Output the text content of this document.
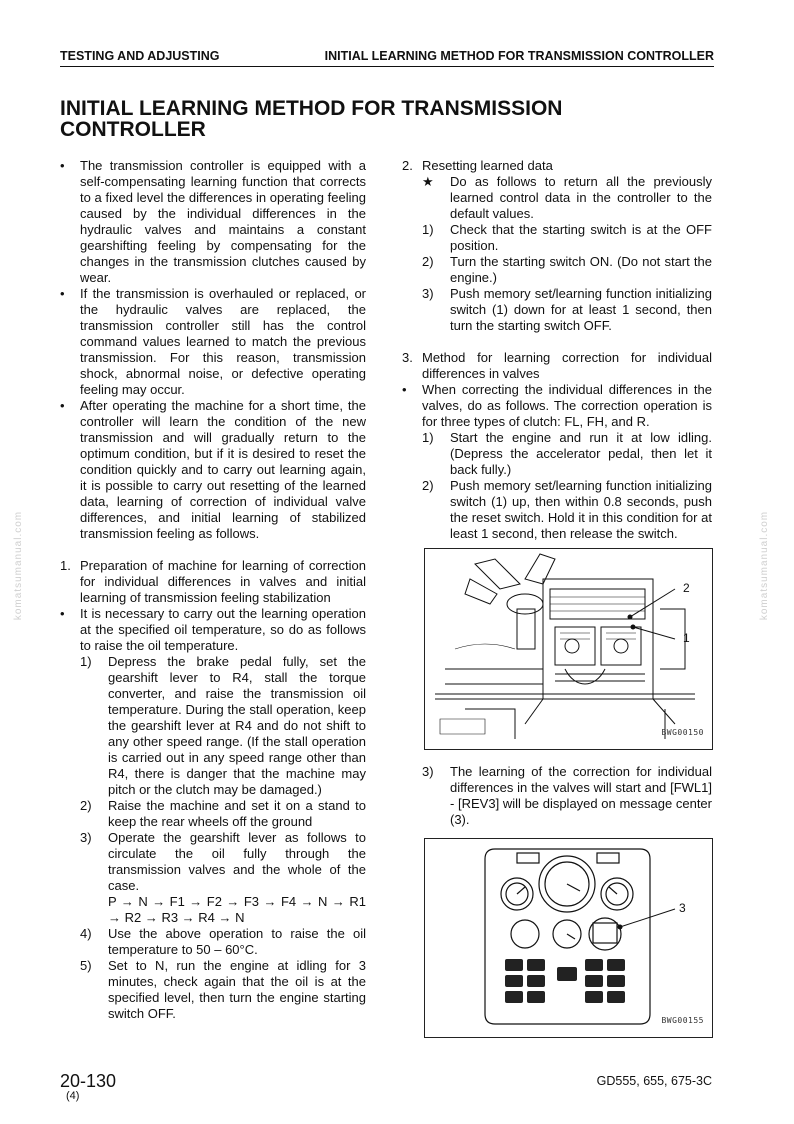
TESTING AND ADJUSTING	INITIAL LEARNING METHOD FOR TRANSMISSION CONTROLLER
INITIAL LEARNING METHOD FOR TRANSMISSION
CONTROLLER
• The transmission controller is equipped with a self-compensating learning function that corrects to a fixed level the differences in operating feeling caused by the individual differences in the hydraulic valves and maintains a constant gearshifting feeling by compensating for the changes in the transmission clutches caused by wear.
• If the transmission is overhauled or replaced, or the hydraulic valves are replaced, the transmission controller still has the control command values learned to match the previous transmission. For this reason, transmission shock, abnormal noise, or defective operating feeling may occur.
• After operating the machine for a short time, the controller will learn the condition of the new transmission and will gradually return to the optimum condition, but if it is desired to reset the condition quickly and to carry out learning again, it is possible to carry out resetting of the learned data, learning of correction of individual valve differences, and initial learning of stabilized transmission feeling as follows.
1. Preparation of machine for learning of correction for individual differences in valves and initial learning of transmission feeling stabilization
• It is necessary to carry out the learning operation at the specified oil temperature, so do as follows to raise the oil temperature.
1) Depress the brake pedal fully, set the gearshift lever to R4, stall the torque converter, and raise the transmission oil temperature. During the stall operation, keep the gearshift lever at R4 and do not shift to any other speed range. (If the stall operation is carried out in any speed range other than R4, there is danger that the machine may pitch or the clutch may be damaged.)
2) Raise the machine and set it on a stand to keep the rear wheels off the ground
3) Operate the gearshift lever as follows to circulate the oil fully through the transmission valves and the whole of the case.
P → N → F1 → F2 → F3 → F4 → N → R1 → R2 → R3 → R4 → N
4) Use the above operation to raise the oil temperature to 50 – 60°C.
5) Set to N, run the engine at idling for 3 minutes, check again that the oil is at the specified level, then turn the engine starting switch OFF.
2. Resetting learned data
★ Do as follows to return all the previously learned control data in the controller to the default values.
1) Check that the starting switch is at the OFF position.
2) Turn the starting switch ON. (Do not start the engine.)
3) Push memory set/learning function initializing switch (1) down for at least 1 second, then turn the starting switch OFF.
3. Method for learning correction for individual differences in valves
• When correcting the individual differences in the valves, do as follows. The correction operation is for three types of clutch: FL, FH, and R.
1) Start the engine and run it at low idling. (Depress the accelerator pedal, then let it back fully.)
2) Push memory set/learning function initializing switch (1) up, then within 0.8 seconds, push the reset switch. Hold it in this condition for at least 1 second, then release the switch.
3) The learning of the correction for individual differences in the valves will start and [FWL1] - [REV3] will be displayed on message center (3).
2
1
BWG00150
3
BWG00155
komatsumanual.com	komatsumanual.com
20-130
(4)
GD555, 655, 675-3C
